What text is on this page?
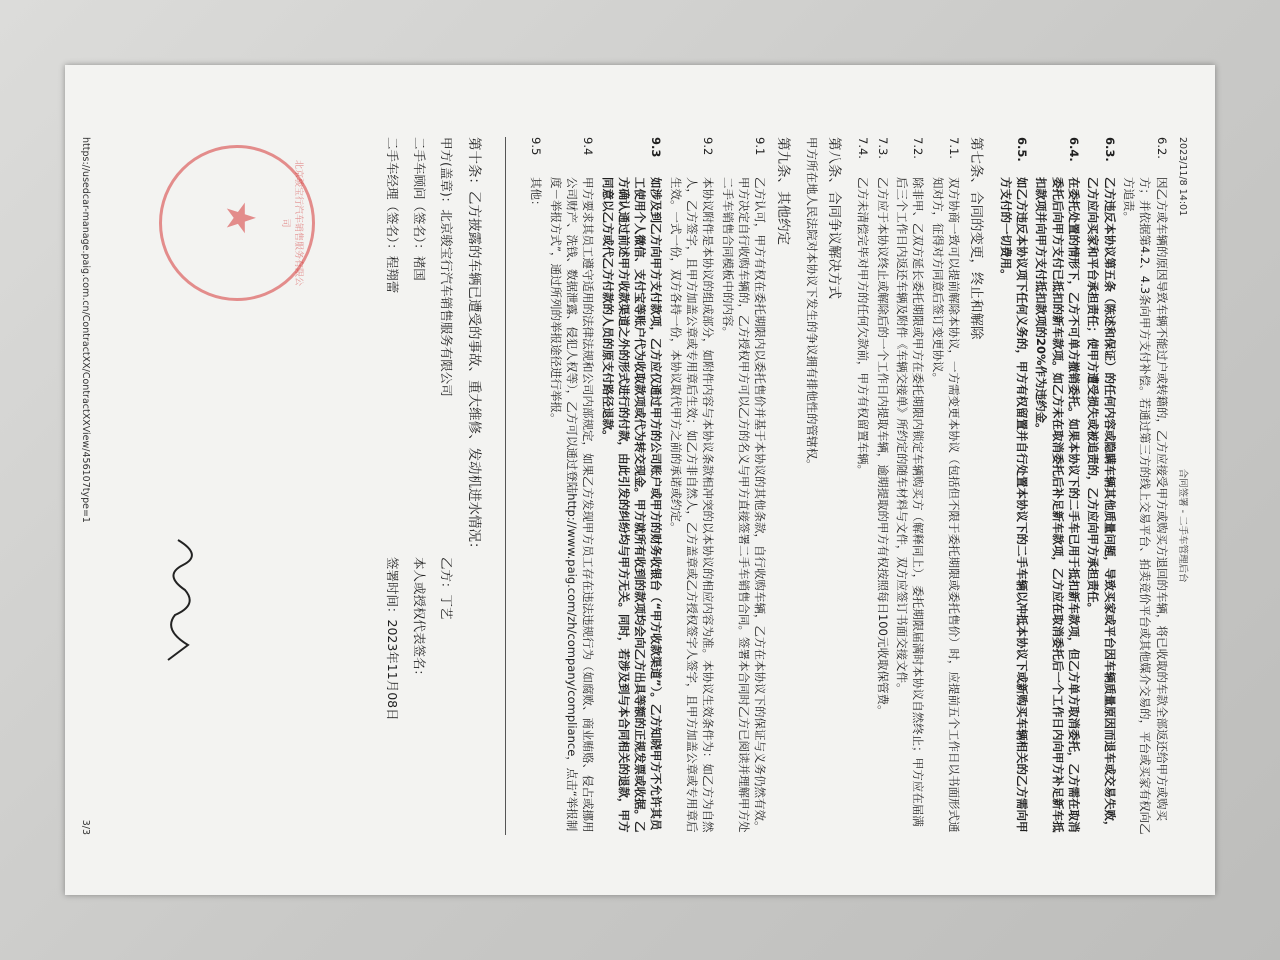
2023/11/8 14:01
合同签署 - 二手车管理后台
6.2.
因乙方或车辆的原因导致车辆不能过户或转籍的，乙方应接受甲方或购买方退回的车辆，将已收取的车款全部返还给甲方或购买方；并依据第4.2、4.3条向甲方支付补偿。若通过第三方的线上交易平台、拍卖竞价平台或其他媒介交易的，平台或买家有权向乙方追责。
6.3.
乙方违反本协议第五条（陈述和保证）的任何内容或隐瞒车辆其他质量问题，导致买家或平台因车辆质量原因而退车或交易失败，乙方应向买家和平台承担责任；使甲方遭受损失或被追责的，乙方应向甲方承担责任。
6.4.
在委托处置的情形下，乙方不可单方撤销委托。如果本协议下的二手车已用于抵扣新车款项，但乙方单方取消委托，乙方需在取消委托后向甲方支付已抵扣的新车款项。如乙方未在取消委托后补足新车款项，乙方应在取消委托后一个工作日内向甲方补足新车抵扣款项并向甲方支付抵扣款项的20%作为违约金。
6.5.
如乙方违反本协议项下任何义务的，甲方有权留置并自行处置本协议下的二手车辆以冲抵本协议下或新购买车辆相关的乙方需向甲方支付的一切费用。
第七条、合同的变更，终止和解除
7.1.
双方协商一致可以提前解除本协议，一方需变更本协议（包括但不限于委托期限或委托售价）时，应提前五个工作日以书面形式通知对方，征得对方同意后签订变更协议。
7.2.
除非甲、乙双方延长委托期限或甲方在委托期限内锁定车辆购买方（解释同上），委托期限届满时本协议自然终止；甲方应在届满后三个工作日内返还车辆及附件《车辆交接单》所约定的随车材料与文件，双方应签订书面交接文件。
7.3.
乙方应于本协议终止或解除后的一个工作日内提取车辆，逾期提取的甲方有权按照每日100元收取保管费。
7.4.
乙方未清偿完毕对甲方的任何欠款前，甲方有权留置车辆。
第八条、合同争议解决方式
甲方所在地人民法院对本协议下发生的争议拥有排他性的管辖权。
第九条、其他约定
9.1
乙方认可，甲方有权在委托期限内以委托售价并基于本协议的其他条款，自行收购车辆，乙方在本协议下的保证与义务仍然有效。甲方决定自行收购车辆的，乙方授权甲方可以乙方的名义与甲方直接签署二手车销售合同。签署本合同时乙方已阅读并理解甲方处二手车销售合同模板中的内容。
9.2
本协议附件是本协议的组成部分，如附件内容与本协议条款相冲突的以本协议的相应内容为准。本协议生效条件为：如乙方为自然人，乙方签字，且甲方加盖公章或专用章后生效；如乙方非自然人，乙方盖章或乙方授权签字人签字，且甲方加盖公章或专用章后生效。一式一份，双方各持一份，本协议取代甲方之前的承诺或约定。
9.3
如涉及到乙方向甲方支付款项，乙方应仅通过甲方的公司账户或甲方的财务收银台（“甲方收款渠道”）。乙方知晓甲方不允许其员工使用个人微信、支付宝等账户代为收取款项或代为转交现金。甲方就所有收到的款项均会向乙方出具等额的正规发票或收据。乙方确认通过前述甲方收款渠道之外的形式进行的付款，由此引发的纠纷均与甲方无关。同时，若涉及到与本合同相关的退款，甲方同意以乙方或代乙方付款的人员的原支付路径退款。
9.4
甲方要求其员工遵守适用的法律法规和公司内部规定，如果乙方发现甲方员工存在违法违规行为（如腐败、商业贿赂、侵占或挪用公司财产、洗钱、数据泄露、侵犯人权等），乙方可以通过登陆http://www.paig.com/zh/company/compliance，点击“举报制度－举报方式”，通过所列的举报途径进行举报。
9.5
其他：
第十条：乙方披露的车辆已遭受的事故、重大维修、发动机进水情况：
甲方(盖章)：北京骏宝行汽车销售服务有限公司
乙方：丁艺
二手车顾问（签名）：褚国
本人或授权代表签名：
二手车经理（签名）：程翔蕾
签署时间：2023年11月08日
北京骏宝行汽车销售服务有限公司
★
https://usedcar-manage.paig.com.cn/ContractXX/ContractXXView/456107type=1
3/3
